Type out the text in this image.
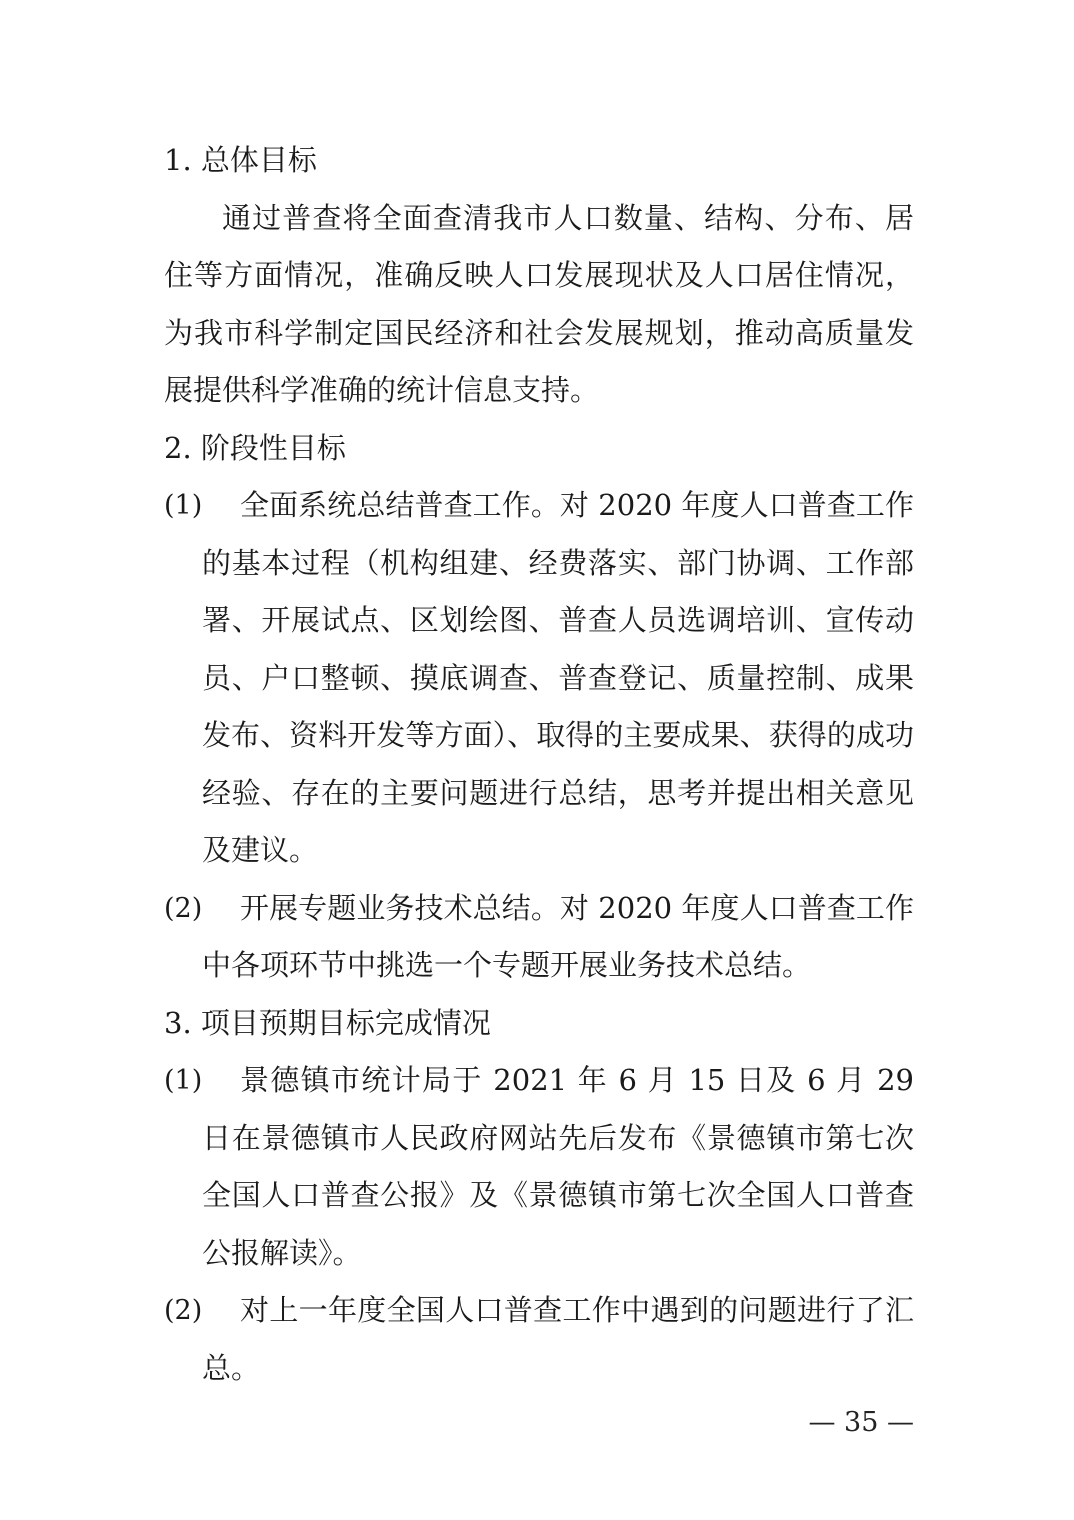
1. 总体目标

通过普查将全面查清我市人口数量、结构、分布、居住等方面情况，准确反映人口发展现状及人口居住情况，为我市科学制定国民经济和社会发展规划，推动高质量发展提供科学准确的统计信息支持。

2. 阶段性目标

(1)	全面系统总结普查工作。对 2020 年度人口普查工作的基本过程（机构组建、经费落实、部门协调、工作部署、开展试点、区划绘图、普查人员选调培训、宣传动员、户口整顿、摸底调查、普查登记、质量控制、成果发布、资料开发等方面）、取得的主要成果、获得的成功经验、存在的主要问题进行总结，思考并提出相关意见及建议。
(2)	开展专题业务技术总结。对 2020 年度人口普查工作中各项环节中挑选一个专题开展业务技术总结。

3. 项目预期目标完成情况

(1)	景德镇市统计局于 2021 年 6 月 15 日及 6 月 29 日在景德镇市人民政府网站先后发布《景德镇市第七次全国人口普查公报》及《景德镇市第七次全国人口普查公报解读》。
(2)	对上一年度全国人口普查工作中遇到的问题进行了汇总。
— 35 —
